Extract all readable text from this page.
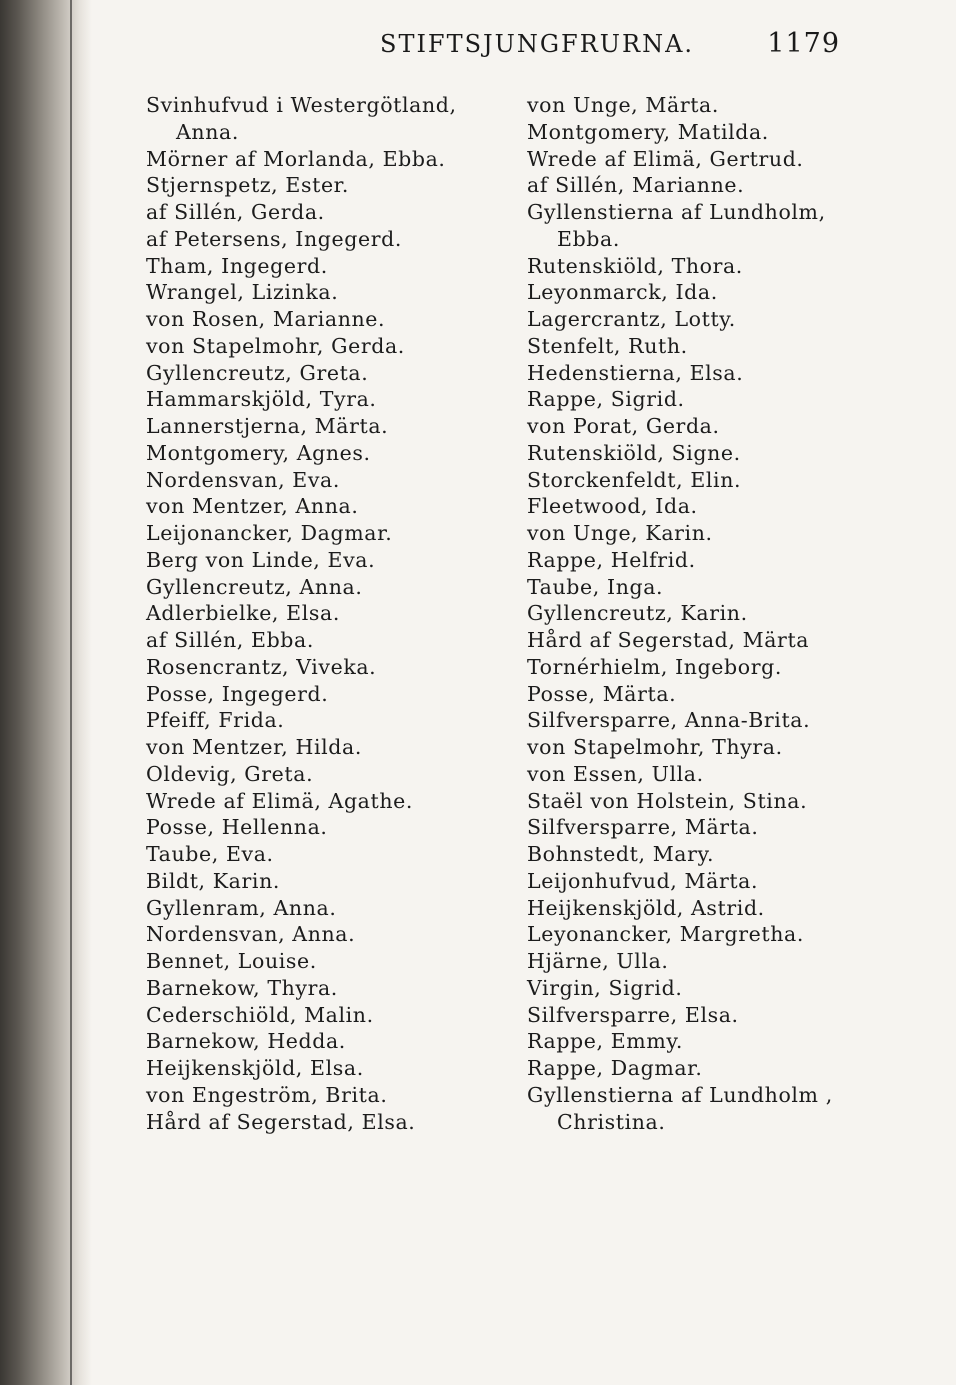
STIFTSJUNGFRURNA.	1179
Svinhufvud i Westergötland,
Anna.
Mörner af Morlanda, Ebba.
Stjernspetz, Ester.
af Sillén, Gerda.
af Petersens, Ingegerd.
Tham, Ingegerd.
Wrangel, Lizinka.
von Rosen, Marianne.
von Stapelmohr, Gerda.
Gyllencreutz, Greta.
Hammarskjöld, Tyra.
Lannerstjerna, Märta.
Montgomery, Agnes.
Nordensvan, Eva.
von Mentzer, Anna.
Leijonancker, Dagmar.
Berg von Linde, Eva.
Gyllencreutz, Anna.
Adlerbielke, Elsa.
af Sillén, Ebba.
Rosencrantz, Viveka.
Posse, Ingegerd.
Pfeiff, Frida.
von Mentzer, Hilda.
Oldevig, Greta.
Wrede af Elimä, Agathe.
Posse, Hellenna.
Taube, Eva.
Bildt, Karin.
Gyllenram, Anna.
Nordensvan, Anna.
Bennet, Louise.
Barnekow, Thyra.
Cederschiöld, Malin.
Barnekow, Hedda.
Heijkenskjöld, Elsa.
von Engeström, Brita.
Hård af Segerstad, Elsa.
von Unge, Märta.
Montgomery, Matilda.
Wrede af Elimä, Gertrud.
af Sillén, Marianne.
Gyllenstierna af Lundholm,
Ebba.
Rutenskiöld, Thora.
Leyonmarck, Ida.
Lagercrantz, Lotty.
Stenfelt, Ruth.
Hedenstierna, Elsa.
Rappe, Sigrid.
von Porat, Gerda.
Rutenskiöld, Signe.
Storckenfeldt, Elin.
Fleetwood, Ida.
von Unge, Karin.
Rappe, Helfrid.
Taube, Inga.
Gyllencreutz, Karin.
Hård af Segerstad, Märta
Tornérhielm, Ingeborg.
Posse, Märta.
Silfversparre, Anna-Brita.
von Stapelmohr, Thyra.
von Essen, Ulla.
Staël von Holstein, Stina.
Silfversparre, Märta.
Bohnstedt, Mary.
Leijonhufvud, Märta.
Heijkenskjöld, Astrid.
Leyonancker, Margretha.
Hjärne, Ulla.
Virgin, Sigrid.
Silfversparre, Elsa.
Rappe, Emmy.
Rappe, Dagmar.
Gyllenstierna af Lundholm ,
Christina.
